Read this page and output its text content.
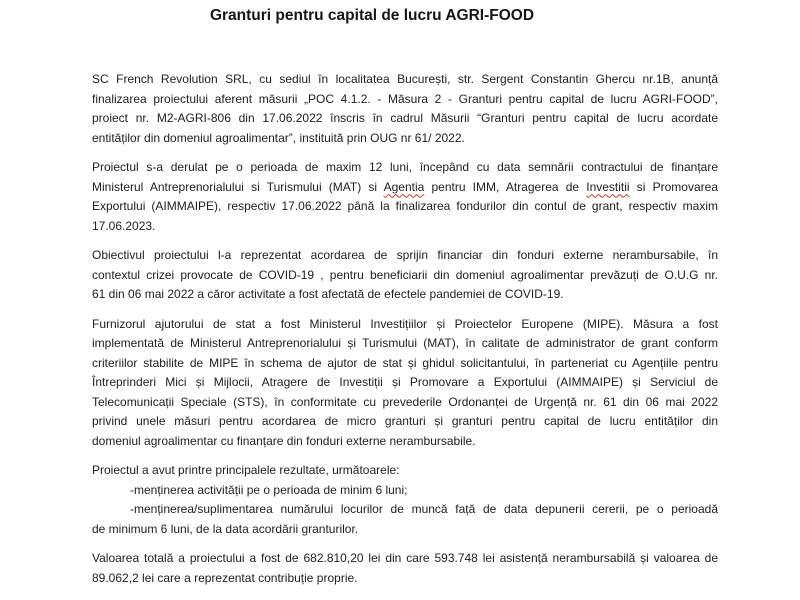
Granturi pentru capital de lucru AGRI-FOOD
SC French Revolution SRL, cu sediul în localitatea București, str. Sergent Constantin Ghercu nr.1B, anunță
finalizarea proiectului aferent măsurii „POC 4.1.2. - Măsura 2 - Granturi pentru capital de lucru AGRI-FOOD”,
proiect nr. M2-AGRI-806 din 17.06.2022 înscris în cadrul Măsurii “Granturi pentru capital de lucru acordate
entităților din domeniul agroalimentar”, instituită prin OUG nr 61/ 2022.
Proiectul s-a derulat pe o perioada de maxim 12 luni, începând cu data semnării contractului de finanțare
Ministerul Antreprenorialului si Turismului (MAT) si Agentia pentru IMM, Atragerea de Investitii si Promovarea
Exportului (AIMMAIPE), respectiv 17.06.2022 până la finalizarea fondurilor din contul de grant, respectiv maxim
17.06.2023.
Obiectivul proiectului l-a reprezentat acordarea de sprijin financiar din fonduri externe nerambursabile, în
contextul crizei provocate de COVID-19 , pentru beneficiarii din domeniul agroalimentar prevăzuți de O.U.G nr.
61 din 06 mai 2022 a căror activitate a fost afectată de efectele pandemiei de COVID-19.
Furnizorul ajutorului de stat a fost Ministerul Investițiilor și Proiectelor Europene (MIPE). Măsura a fost
implementată de Ministerul Antreprenorialului și Turismului (MAT), în calitate de administrator de grant conform
criteriilor stabilite de MIPE în schema de ajutor de stat și ghidul solicitantului, în parteneriat cu Agențiile pentru
Întreprinderi Mici și Mijlocii, Atragere de Investiții și Promovare a Exportului (AIMMAIPE) și Serviciul de
Telecomunicații Speciale (STS), în conformitate cu prevederile Ordonanței de Urgență nr. 61 din 06 mai 2022
privind unele măsuri pentru acordarea de micro granturi și granturi pentru capital de lucru entităților din
domeniul agroalimentar cu finanțare din fonduri externe nerambursabile.
Proiectul a avut printre principalele rezultate, următoarele:
-menținerea activității pe o perioada de minim 6 luni;
-menținerea/suplimentarea numărului locurilor de muncă față de data depunerii cererii, pe o perioadă
de minimum 6 luni, de la data acordării granturilor.
Valoarea totală a proiectului a fost de 682.810,20 lei din care 593.748 lei asistență nerambursabilă și valoarea de
89.062,2 lei care a reprezentat contribuție proprie.
